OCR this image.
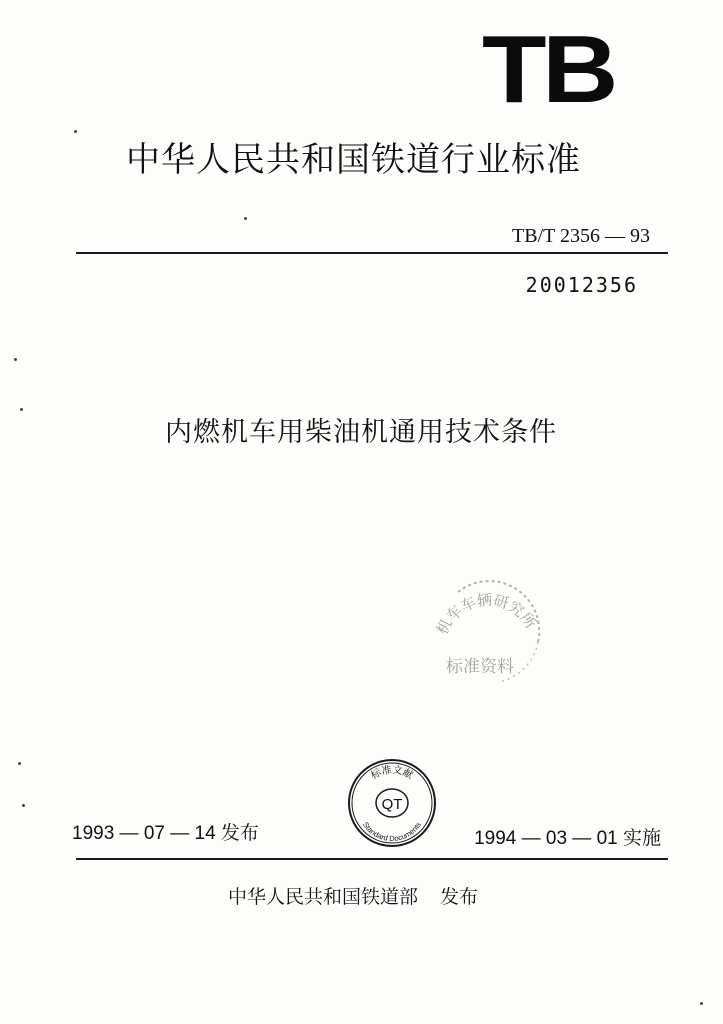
TB
中华人民共和国铁道行业标准
TB/T 2356 — 93
20012356
内燃机车用柴油机通用技术条件
机车车辆研究所
标准资料
QT
标准文献
Standard Documents
1993 — 07 — 14 发布	1994 — 03 — 01 实施
中华人民共和国铁道部 发布
